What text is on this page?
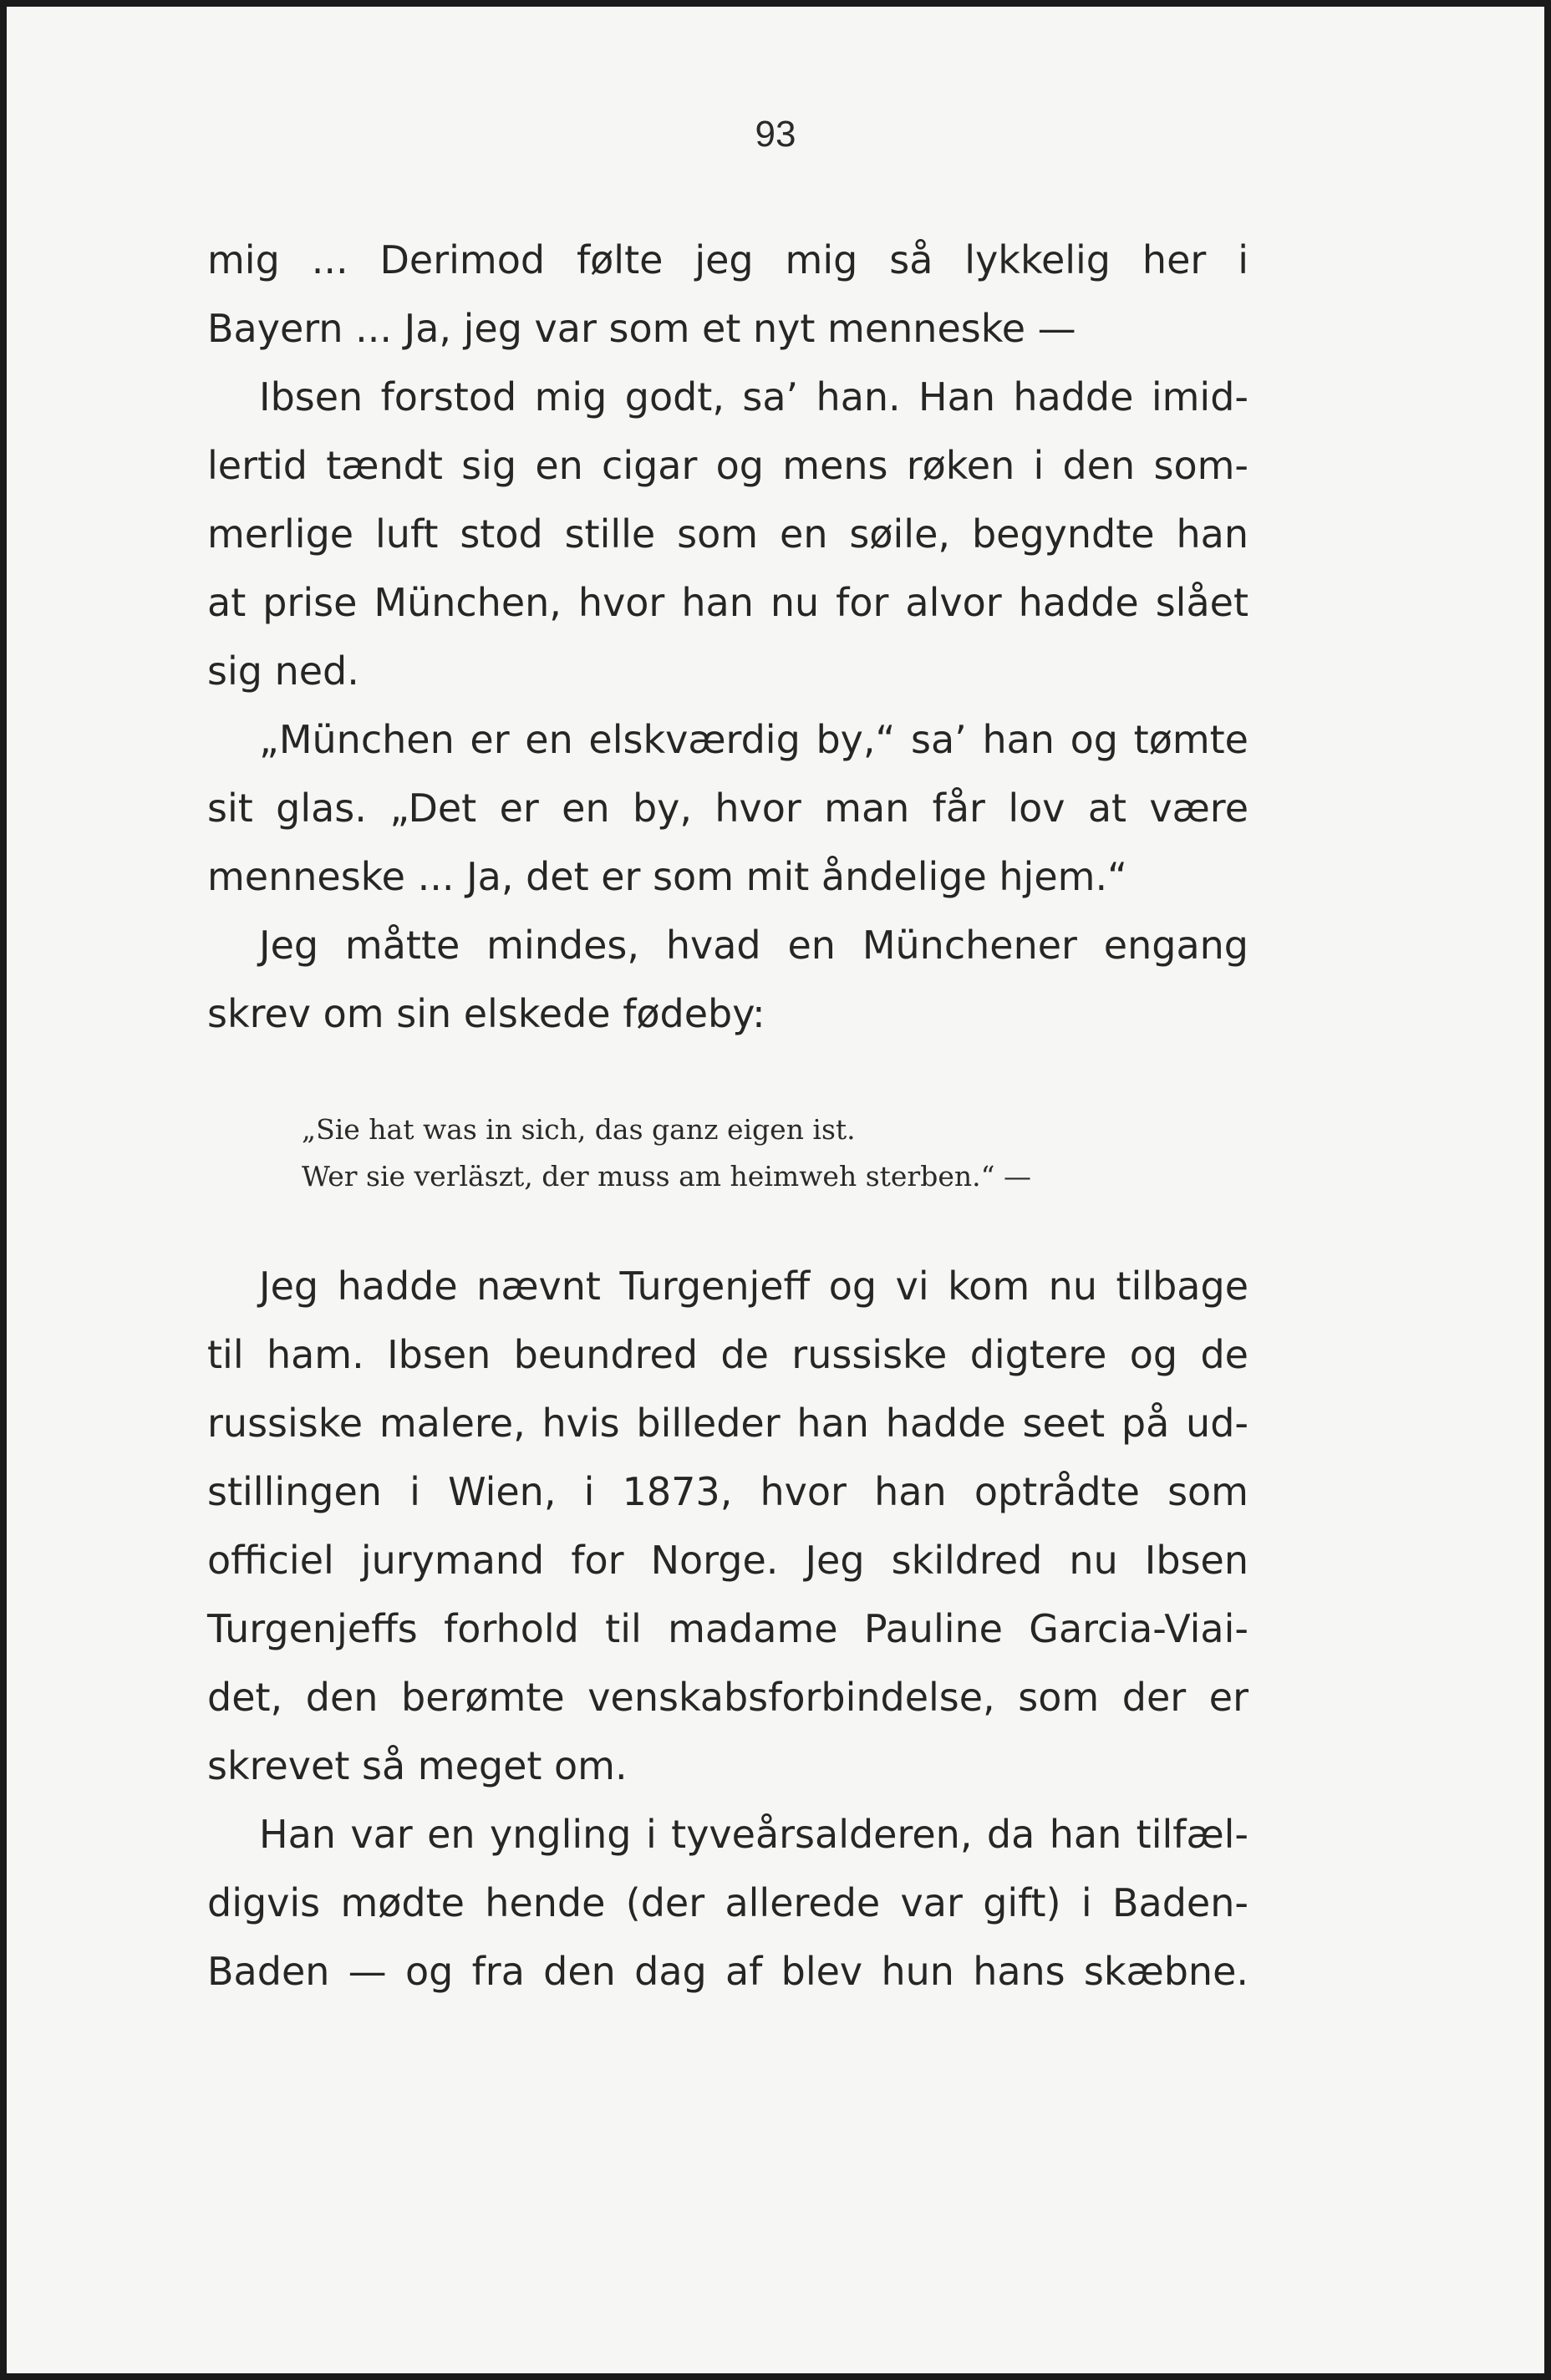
93

mig ... Derimod følte jeg mig så lykkelig her i
Bayern ... Ja, jeg var som et nyt menneske —
Ibsen forstod mig godt, sa’ han. Han hadde imid-
lertid tændt sig en cigar og mens røken i den som-
merlige luft stod stille som en søile, begyndte han
at prise München, hvor han nu for alvor hadde slået
sig ned.
„München er en elskværdig by,“ sa’ han og tømte
sit glas. „Det er en by, hvor man får lov at være
menneske ... Ja, det er som mit åndelige hjem.“
Jeg måtte mindes, hvad en Münchener engang
skrev om sin elskede fødeby:
„Sie hat was in sich, das ganz eigen ist.
Wer sie verläszt, der muss am heimweh sterben.“ —
Jeg hadde nævnt Turgenjeff og vi kom nu tilbage
til ham. Ibsen beundred de russiske digtere og de
russiske malere, hvis billeder han hadde seet på ud-
stillingen i Wien, i 1873, hvor han optrådte som
officiel jurymand for Norge. Jeg skildred nu Ibsen
Turgenjeffs forhold til madame Pauline Garcia-Viai-
det, den berømte venskabsforbindelse, som der er
skrevet så meget om.
Han var en yngling i tyveårsalderen, da han tilfæl-
digvis mødte hende (der allerede var gift) i Baden-
Baden — og fra den dag af blev hun hans skæbne.
